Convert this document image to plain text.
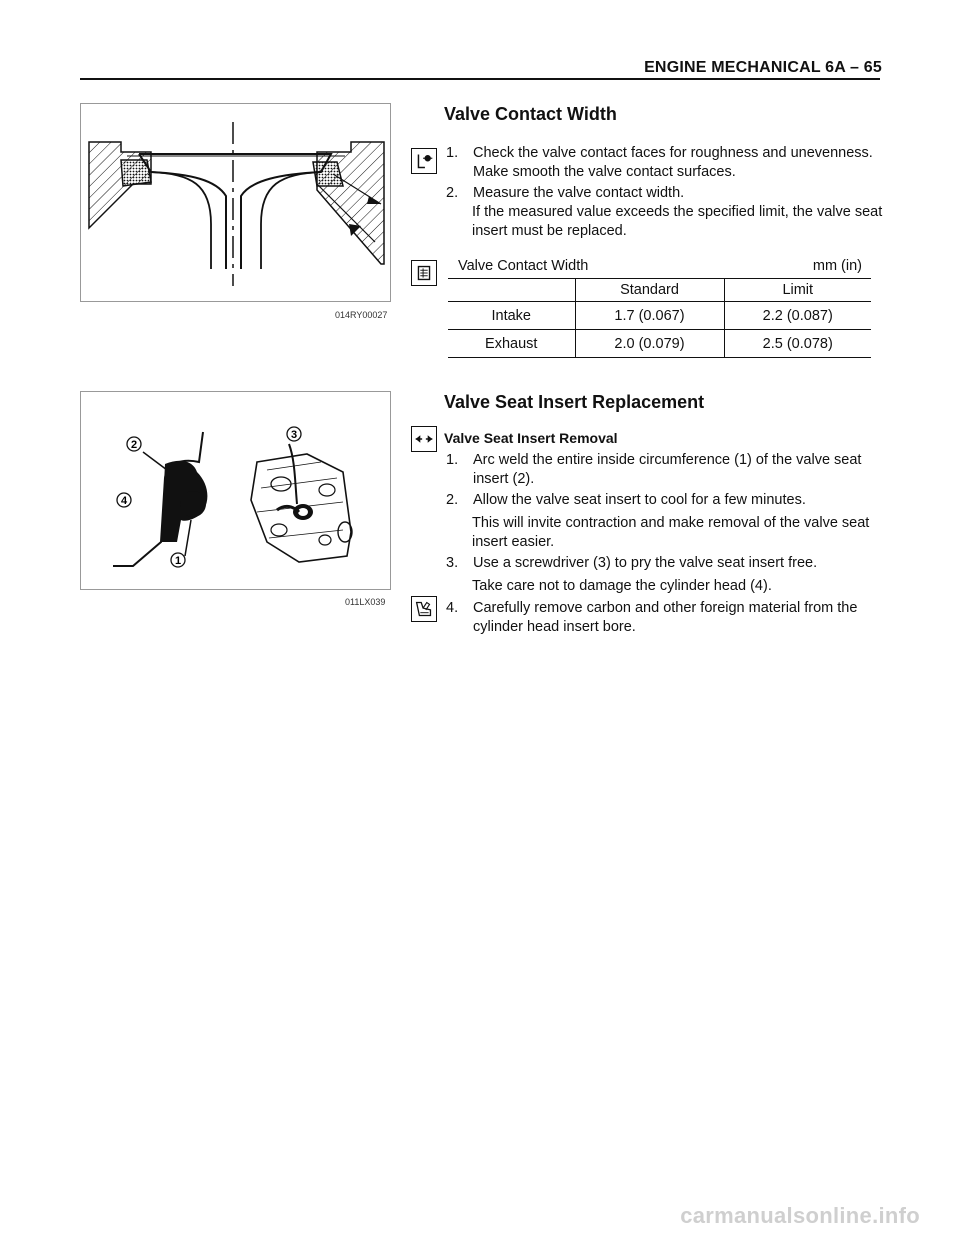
ENGINE MECHANICAL 6A – 65
014RY00027
Valve Contact Width
1. Check the valve contact faces for roughness and unevenness. Make smooth the valve contact surfaces.
2. Measure the valve contact width.
If the measured value exceeds the specified limit, the valve seat insert must be replaced.
Valve Contact Width	mm (in)
	Standard	Limit
Intake	1.7 (0.067)	2.2 (0.087)
Exhaust	2.0 (0.079)	2.5 (0.078)
2
4
1
3
011LX039
Valve Seat Insert Replacement
Valve Seat Insert Removal
1. Arc weld the entire inside circumference (1) of the valve seat insert (2).
2. Allow the valve seat insert to cool for a few minutes.
This will invite contraction and make removal of the valve seat insert easier.
3. Use a screwdriver (3) to pry the valve seat insert free.
Take care not to damage the cylinder head (4).
4. Carefully remove carbon and other foreign material from the cylinder head insert bore.
carmanualsonline.info
